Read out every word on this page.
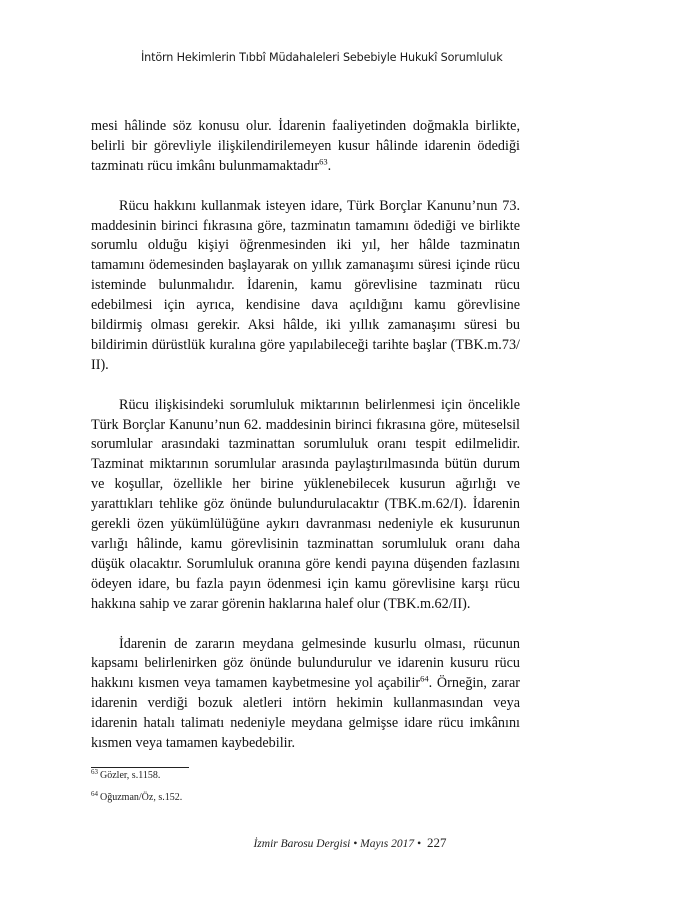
İntörn Hekimlerin Tıbbî Müdahaleleri Sebebiyle Hukukî Sorumluluk

mesi hâlinde söz konusu olur. İdarenin faaliyetinden doğmakla birlikte, belirli bir görevliyle ilişkilendirilemeyen kusur hâlinde idarenin ödediği tazminatı rücu imkânı bulunmamaktadır$^{63}$.

Rücu hakkını kullanmak isteyen idare, Türk Borçlar Kanunu’nun 73. maddesinin birinci fıkrasına göre, tazminatın tamamını ödediği ve birlikte sorumlu olduğu kişiyi öğrenmesinden iki yıl, her hâlde tazminatın tamamını ödemesinden başlayarak on yıllık zamanaşımı süresi içinde rücu isteminde bulunmalıdır. İdarenin, kamu görevlisine tazminatı rücu edebilmesi için ayrıca, kendisine dava açıldığını kamu görevlisine bildirmiş olması gerekir. Aksi hâlde, iki yıllık zamanaşımı süresi bu bildirimin dürüstlük kuralına göre yapılabileceği tarihte başlar (TBK.m.73/ II).

Rücu ilişkisindeki sorumluluk miktarının belirlenmesi için öncelikle Türk Borçlar Kanunu’nun 62. maddesinin birinci fıkrasına göre, müteselsil sorumlular arasındaki tazminattan sorumluluk oranı tespit edilmelidir. Tazminat miktarının sorumlular arasında paylaştırılmasında bütün durum ve koşullar, özellikle her birine yüklenebilecek kusurun ağırlığı ve yarattıkları tehlike göz önünde bulundurulacaktır (TBK.m.62/I). İdarenin gerekli özen yükümlülüğüne aykırı davranması nedeniyle ek kusurunun varlığı hâlinde, kamu görevlisinin tazminattan sorumluluk oranı daha düşük olacaktır. Sorumluluk oranına göre kendi payına düşenden fazlasını ödeyen idare, bu fazla payın ödenmesi için kamu görevlisine karşı rücu hakkına sahip ve zarar görenin haklarına halef olur (TBK.m.62/II).

İdarenin de zararın meydana gelmesinde kusurlu olması, rücunun kapsamı belirlenirken göz önünde bulundurulur ve idarenin kusuru rücu hakkını kısmen veya tamamen kaybetmesine yol açabilir$^{64}$. Örneğin, zarar idarenin verdiği bozuk aletleri intörn hekimin kullanmasından veya idarenin hatalı talimatı nedeniyle meydana gelmişse idare rücu imkânını kısmen veya tamamen kaybedebilir.

$^{63}$ Gözler, s.1158.
$^{64}$ Oğuzman/Öz, s.152.
İzmir Barosu Dergisi • Mayıs 2017 • 227
